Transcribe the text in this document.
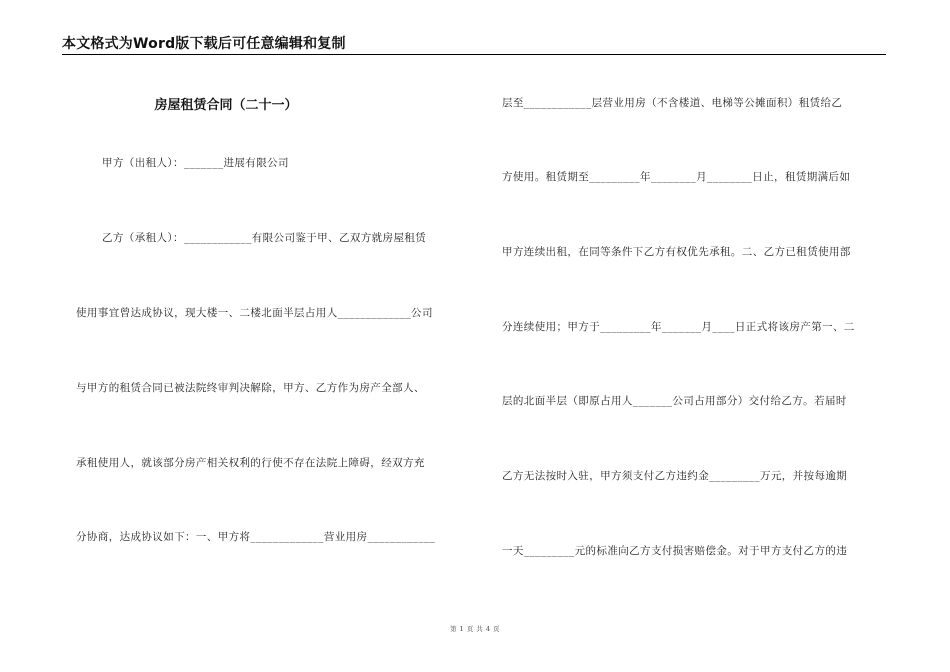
本文格式为Word版下载后可任意编辑和复制
房屋租赁合同（二十一）
甲方（出租人）：_______进展有限公司
乙方（承租人）：____________有限公司鉴于甲、乙双方就房屋租赁
使用事宜曾达成协议，现大楼一、二楼北面半层占用人_____________公司
与甲方的租赁合同已被法院终审判决解除，甲方、乙方作为房产全部人、
承租使用人，就该部分房产相关权利的行使不存在法院上障碍，经双方充
分协商，达成协议如下：一、甲方将_____________营业用房____________
层至____________层营业用房（不含楼道、电梯等公摊面积）租赁给乙
方使用。租赁期至_________年________月________日止，租赁期满后如
甲方连续出租，在同等条件下乙方有权优先承租。二、乙方已租赁使用部
分连续使用；甲方于_________年_______月____日正式将该房产第一、二
层的北面半层（即原占用人_______公司占用部分）交付给乙方。若届时
乙方无法按时入驻，甲方须支付乙方违约金_________万元，并按每逾期
一天_________元的标准向乙方支付损害赔偿金。对于甲方支付乙方的违
第 1 页 共 4 页
